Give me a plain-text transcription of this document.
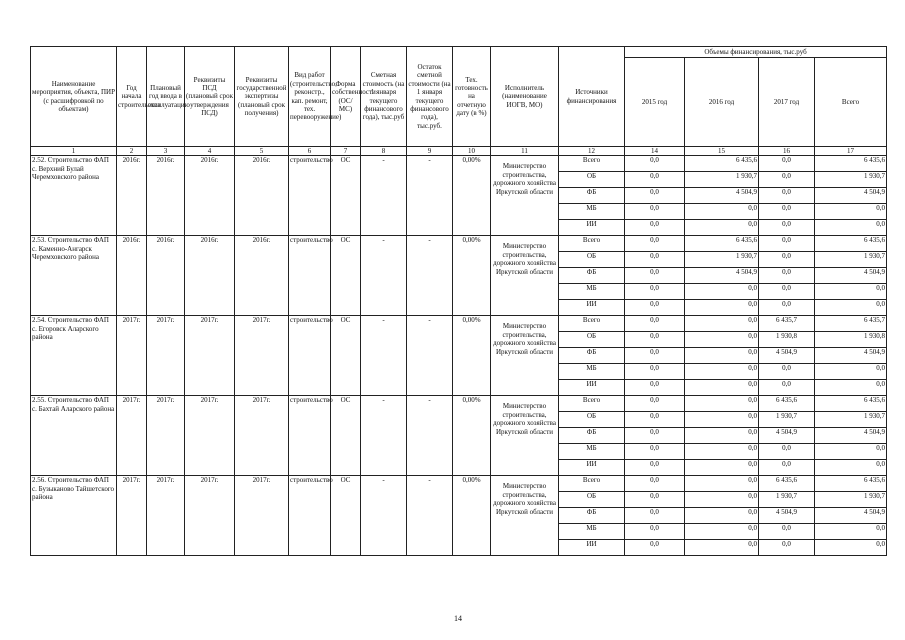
Наименование мероприятия, объекта, ПИР (с расшифровкой по объектам)	Год начала строительства	Плановый год ввода в эксплуатацию	Реквизиты ПСД (плановый срок утверждения ПСД)	Реквизиты государственной экспертизы (плановый срок получения)	Вид работ (строительство, реконстр., кап. ремонт, тех. перевооружение)	Форма собственности (ОС/МС)	Сметная стоимость (на 1 января текущего финансового года), тыс.руб	Остаток сметной стоимости (на 1 января текущего финансового года), тыс.руб.	Тех. готовность на отчетную дату (в %)	Исполнитель (наименование ИОГВ, МО)	Источники финансирования	Объемы финансирования, тыс.руб			
												2015 год	2016 год	2017 год	Всего
1	2	3	4	5	6	7	8	9	10	11	12	14	15	16	17
2.52. Строительство ФАП с. Верхний Булай Черемховского района	2016г.	2016г.	2016г.	2016г.	строительство	ОС	-	-	0,00%	Министерство строительства, дорожного хозяйства Иркутской области	Всего	0,0	6 435,6	0,0	6 435,6
											ОБ	0,0	1 930,7	0,0	1 930,7
											ФБ	0,0	4 504,9	0,0	4 504,9
											МБ	0,0	0,0	0,0	0,0
											ИИ	0,0	0,0	0,0	0,0
2.53. Строительство ФАП с. Каменно-Ангарск Черемховского района	2016г.	2016г.	2016г.	2016г.	строительство	ОС	-	-	0,00%	Министерство строительства, дорожного хозяйства Иркутской области	Всего	0,0	6 435,6	0,0	6 435,6
											ОБ	0,0	1 930,7	0,0	1 930,7
											ФБ	0,0	4 504,9	0,0	4 504,9
											МБ	0,0	0,0	0,0	0,0
											ИИ	0,0	0,0	0,0	0,0
2.54. Строительство ФАП с. Егоровск Аларского района	2017г.	2017г.	2017г.	2017г.	строительство	ОС	-	-	0,00%	Министерство строительства, дорожного хозяйства Иркутской области	Всего	0,0	0,0	6 435,7	6 435,7
											ОБ	0,0	0,0	1 930,8	1 930,8
											ФБ	0,0	0,0	4 504,9	4 504,9
											МБ	0,0	0,0	0,0	0,0
											ИИ	0,0	0,0	0,0	0,0
2.55. Строительство ФАП с. Бахтай Аларского района	2017г.	2017г.	2017г.	2017г.	строительство	ОС	-	-	0,00%	Министерство строительства, дорожного хозяйства Иркутской области	Всего	0,0	0,0	6 435,6	6 435,6
											ОБ	0,0	0,0	1 930,7	1 930,7
											ФБ	0,0	0,0	4 504,9	4 504,9
											МБ	0,0	0,0	0,0	0,0
											ИИ	0,0	0,0	0,0	0,0
2.56. Строительство ФАП с. Бузыканово Тайшетского района	2017г.	2017г.	2017г.	2017г.	строительство	ОС	-	-	0,00%	Министерство строительства, дорожного хозяйства Иркутской области	Всего	0,0	0,0	6 435,6	6 435,6
											ОБ	0,0	0,0	1 930,7	1 930,7
											ФБ	0,0	0,0	4 504,9	4 504,9
											МБ	0,0	0,0	0,0	0,0
											ИИ	0,0	0,0	0,0	0,0
14
